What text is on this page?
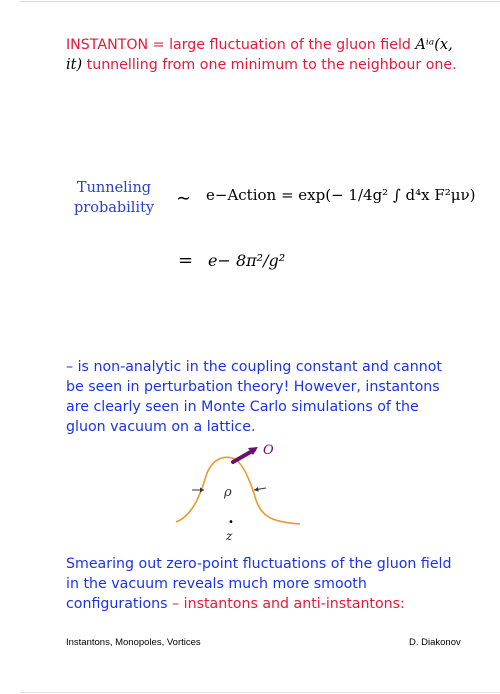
INSTANTON = large fluctuation of the gluon field Aⁱᵃ(x, it) tunnelling from one minimum to the neighbour one.
Tunneling probability ∼ e−Action = exp(− 1/4g² ∫ d⁴x F²μν)
= e− 8π²/g²
– is non-analytic in the coupling constant and cannot be seen in perturbation theory! However, instantons are clearly seen in Monte Carlo simulations of the gluon vacuum on a lattice.
O
ρ
•
z
Smearing out zero-point fluctuations of the gluon field in the vacuum reveals much more smooth configurations – instantons and anti-instantons:
Instantons, Monopoles, Vortices	D. Diakonov
